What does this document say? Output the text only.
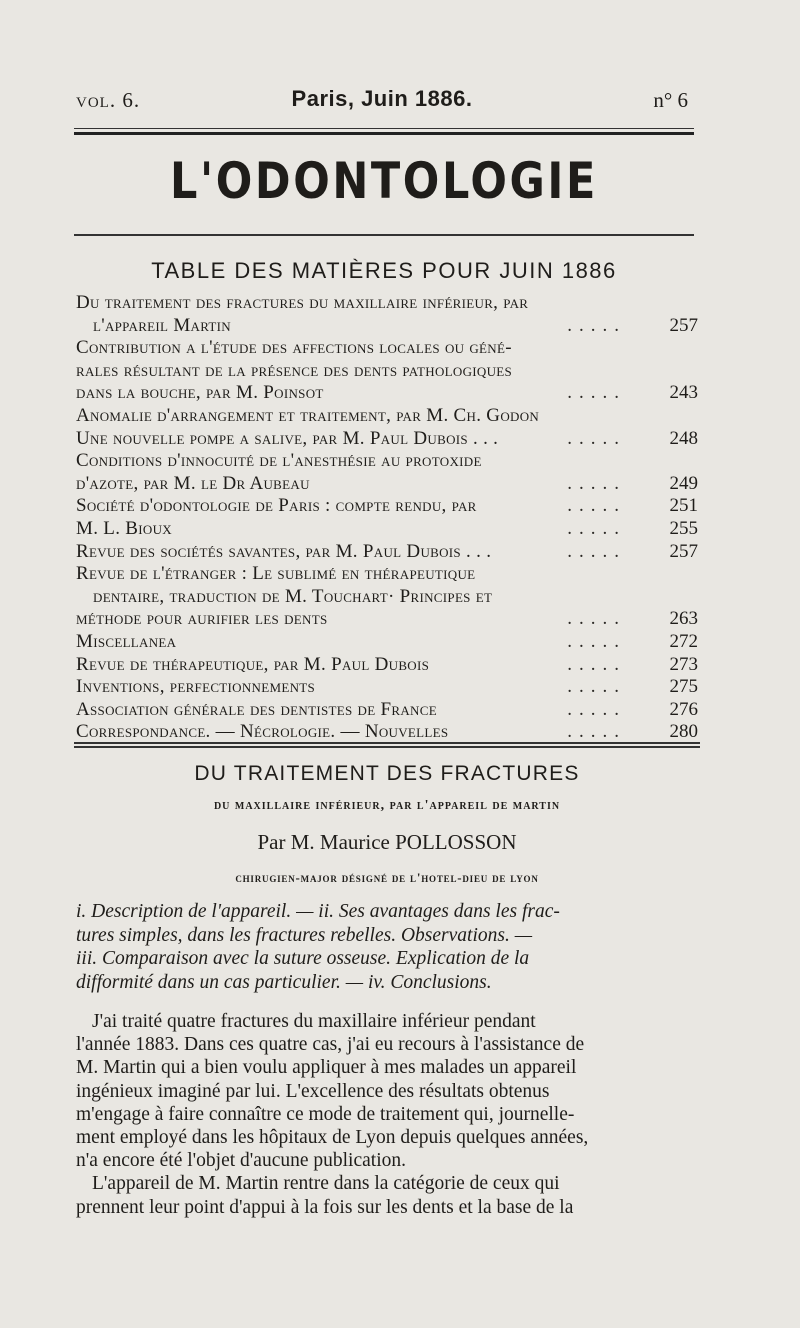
vol. 6.	Paris, Juin 1886.	n° 6
L'ODONTOLOGIE
TABLE DES MATIÈRES POUR JUIN 1886
Du traitement des fractures du maxillaire inférieur, par
l'appareil Martin	.....	257
Contribution a l'étude des affections locales ou géné-
rales résultant de la présence des dents pathologiques
dans la bouche, par M. Poinsot	.....	243
Anomalie d'arrangement et traitement, par M. Ch. Godon
Une nouvelle pompe a salive, par M. Paul Dubois . . .	.....	248
Conditions d'innocuité de l'anesthésie au protoxide
d'azote, par M. le Dr Aubeau	.....	249
Société d'odontologie de Paris : compte rendu, par	.....	251
M. L. Bioux	.....	255
Revue des sociétés savantes, par M. Paul Dubois . . .	.....	257
Revue de l'étranger : Le sublimé en thérapeutique
dentaire, traduction de M. Touchart· Principes et
méthode pour aurifier les dents	.....	263
Miscellanea	.....	272
Revue de thérapeutique, par M. Paul Dubois	.....	273
Inventions, perfectionnements	.....	275
Association générale des dentistes de France	.....	276
Correspondance. — Nécrologie. — Nouvelles	.....	280
DU TRAITEMENT DES FRACTURES
du maxillaire inférieur, par l'appareil de martin
Par M. Maurice POLLOSSON
chirugien-major désigné de l'hotel-dieu de lyon
i. Description de l'appareil. — ii. Ses avantages dans les frac-
tures simples, dans les fractures rebelles. Observations. —
iii. Comparaison avec la suture osseuse. Explication de la
difformité dans un cas particulier. — iv. Conclusions.
J'ai traité quatre fractures du maxillaire inférieur pendant
l'année 1883. Dans ces quatre cas, j'ai eu recours à l'assistance de
M. Martin qui a bien voulu appliquer à mes malades un appareil
ingénieux imaginé par lui. L'excellence des résultats obtenus
m'engage à faire connaître ce mode de traitement qui, journelle-
ment employé dans les hôpitaux de Lyon depuis quelques années,
n'a encore été l'objet d'aucune publication.
L'appareil de M. Martin rentre dans la catégorie de ceux qui
prennent leur point d'appui à la fois sur les dents et la base de la
